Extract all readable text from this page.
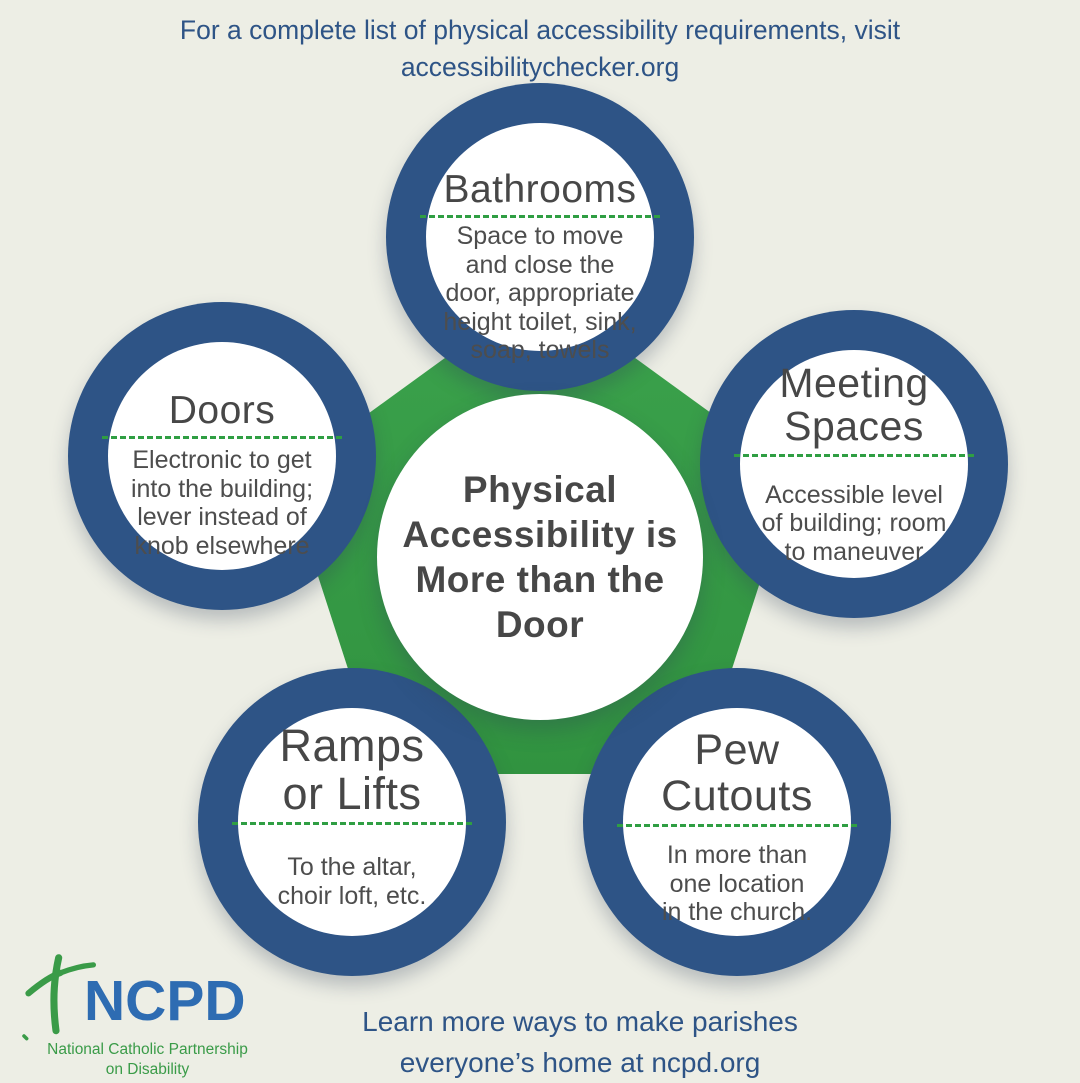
For a complete list of physical accessibility requirements, visit
accessibilitychecker.org
Bathrooms
Space to move
and close the
door, appropriate
height toilet, sink,
soap, towels
Doors
Electronic to get
into the building;
lever instead of
knob elsewhere
Meeting
Spaces
Accessible level
of building; room
to maneuver
Ramps
or Lifts
To the altar,
choir loft, etc.
Pew
Cutouts
In more than
one location
in the church.
Physical
Accessibility is
More than the
Door
NCPD
National Catholic Partnership
on Disability
Learn more ways to make parishes
everyone’s home at ncpd.org
